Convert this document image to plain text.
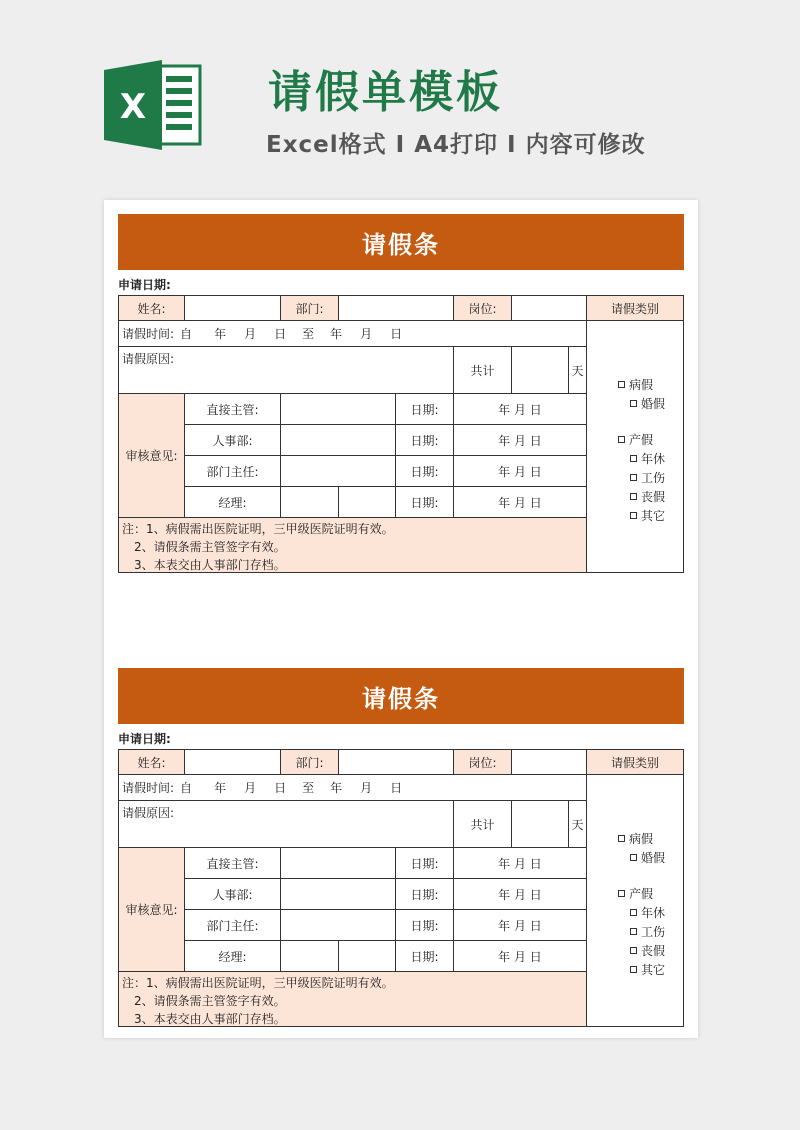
X	请假单模板
Excel格式 I A4打印 I 内容可修改
请假条
申请日期:
姓名:	部门:	岗位:	请假类别
请假时间: 自 年 月 日 至 年 月 日
病假
婚假
产假
年休
工伤
丧假
其它
请假原因:
共计	天
审核意见:
直接主管:	日期:	年 月 日
人事部:	日期:	年 月 日
部门主任:	日期:	年 月 日
经理:	日期:	年 月 日
注：1、病假需出医院证明，三甲级医院证明有效。
2、请假条需主管签字有效。
3、本表交由人事部门存档。
请假条
申请日期:
姓名:	部门:	岗位:	请假类别
请假时间: 自 年 月 日 至 年 月 日
病假
婚假
产假
年休
工伤
丧假
其它
请假原因:
共计	天
审核意见:
直接主管:	日期:	年 月 日
人事部:	日期:	年 月 日
部门主任:	日期:	年 月 日
经理:	日期:	年 月 日
注：1、病假需出医院证明，三甲级医院证明有效。
2、请假条需主管签字有效。
3、本表交由人事部门存档。
